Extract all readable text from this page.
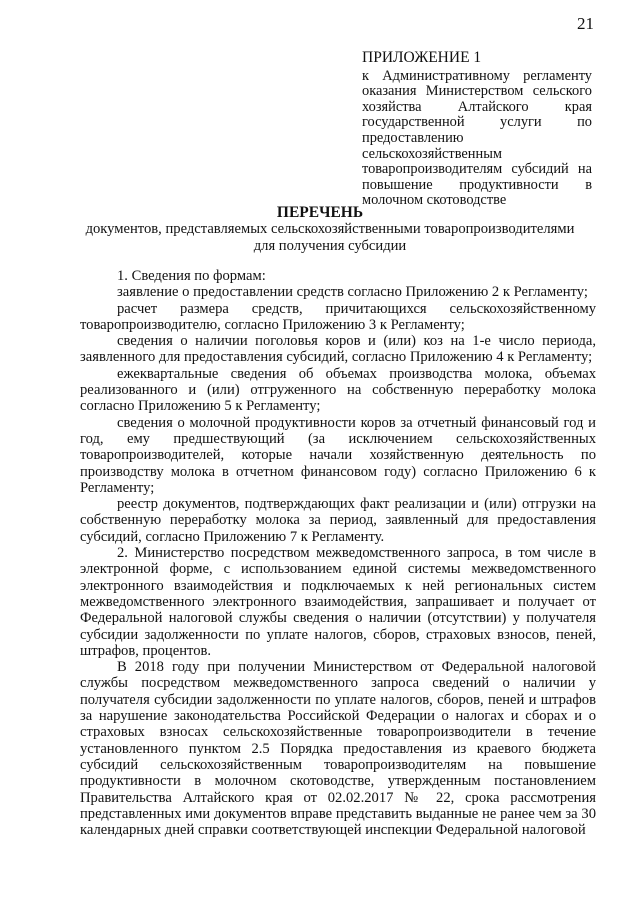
21

ПРИЛОЖЕНИЕ 1

к Административному регламенту оказания Министерством сельского хозяйства Алтайского края государственной услуги по предоставлению сельскохозяйственным товаропроизводителям субсидий на повышение продуктивности в молочном скотоводстве

ПЕРЕЧЕНЬ

документов, представляемых сельскохозяйственными товаропроизводителями для получения субсидии

1. Сведения по формам:

заявление о предоставлении средств согласно Приложению 2 к Регламенту;

расчет размера средств, причитающихся сельскохозяйственному товаропроизводителю, согласно Приложению 3 к Регламенту;

сведения о наличии поголовья коров и (или) коз на 1-е число периода, заявленного для предоставления субсидий, согласно Приложению 4 к Регламенту;

ежеквартальные сведения об объемах производства молока, объемах реализованного и (или) отгруженного на собственную переработку молока согласно Приложению 5 к Регламенту;

сведения о молочной продуктивности коров за отчетный финансовый год и год, ему предшествующий (за исключением сельскохозяйственных товаропроизводителей, которые начали хозяйственную деятельность по производству молока в отчетном финансовом году) согласно Приложению 6 к Регламенту;

реестр документов, подтверждающих факт реализации и (или) отгрузки на собственную переработку молока за период, заявленный для предоставления субсидий, согласно Приложению 7 к Регламенту.

2. Министерство посредством межведомственного запроса, в том числе в электронной форме, с использованием единой системы межведомственного электронного взаимодействия и подключаемых к ней региональных систем межведомственного электронного взаимодействия, запрашивает и получает от Федеральной налоговой службы сведения о наличии (отсутствии) у получателя субсидии задолженности по уплате налогов, сборов, страховых взносов, пеней, штрафов, процентов.

В 2018 году при получении Министерством от Федеральной налоговой службы посредством межведомственного запроса сведений о наличии у получателя субсидии задолженности по уплате налогов, сборов, пеней и штрафов за нарушение законодательства Российской Федерации о налогах и сборах и о страховых взносах сельскохозяйственные товаропроизводители в течение установленного пунктом 2.5 Порядка предоставления из краевого бюджета субсидий сельскохозяйственным товаропроизводителям на повышение продуктивности в молочном скотоводстве, утвержденным постановлением Правительства Алтайского края от 02.02.2017 № 22, срока рассмотрения представленных ими документов вправе представить выданные не ранее чем за 30 календарных дней справки соответствующей инспекции Федеральной налоговой
